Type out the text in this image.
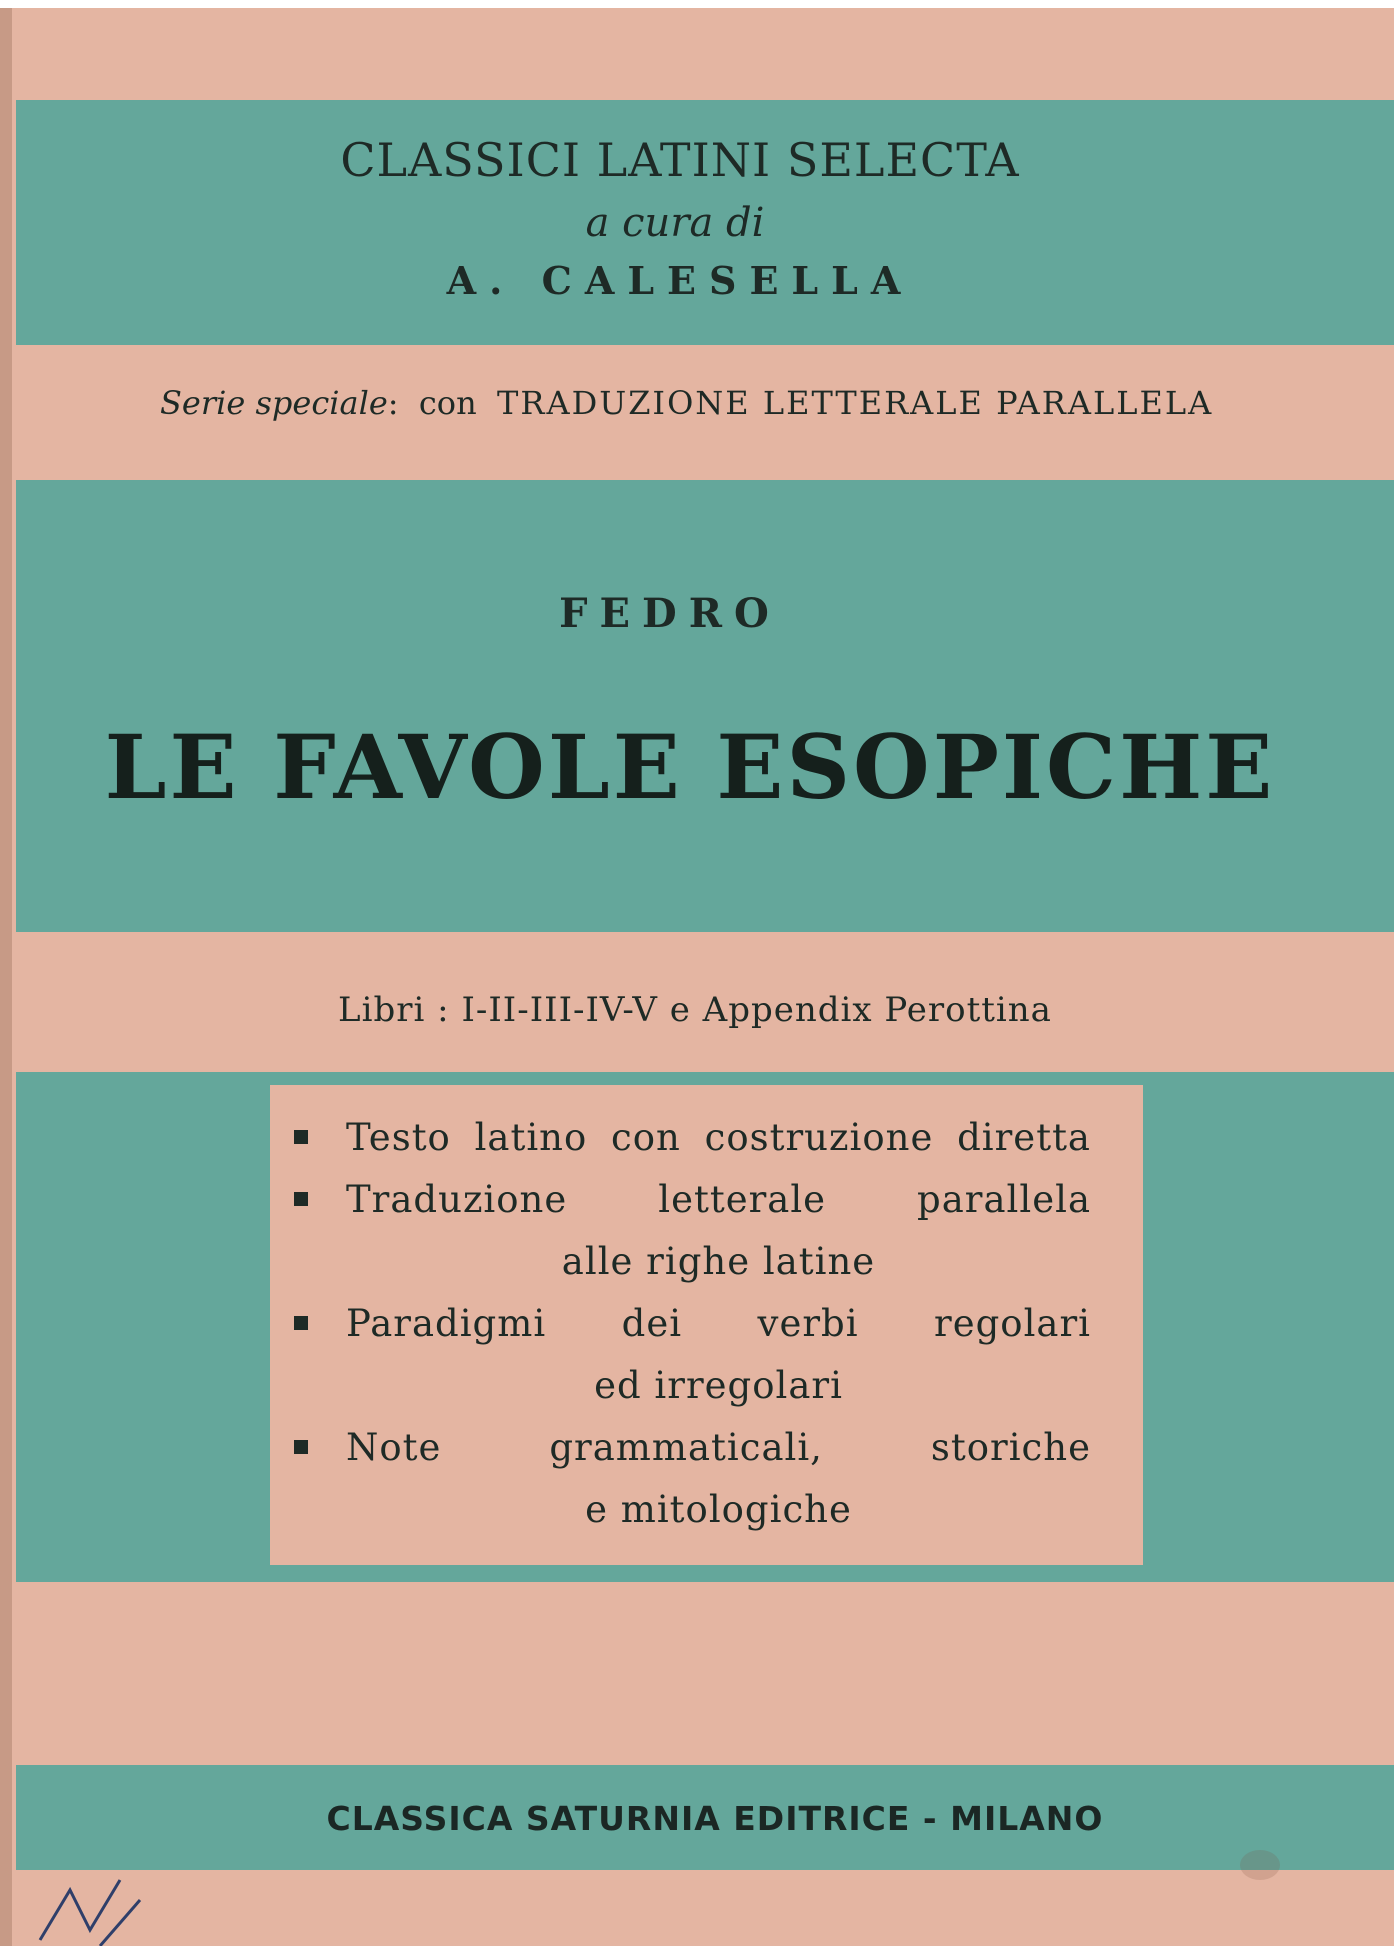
CLASSICI LATINI SELECTA
a cura di
A. CALESELLA
Serie speciale: con TRADUZIONE LETTERALE PARALLELA
FEDRO
LE FAVOLE ESOPICHE
Libri : I-II-III-IV-V e Appendix Perottina
Testo latino con costruzione diretta
Traduzione letterale parallela
alle righe latine
Paradigmi dei verbi regolari
ed irregolari
Note grammaticali, storiche
e mitologiche
CLASSICA SATURNIA EDITRICE - MILANO
